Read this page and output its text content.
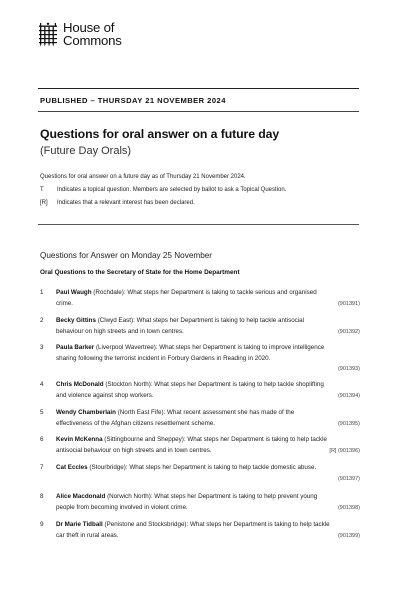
House of
Commons
PUBLISHED – THURSDAY 21 NOVEMBER 2024
Questions for oral answer on a future day
(Future Day Orals)
Questions for oral answer on a future day as of Thursday 21 November 2024.
T Indicates a topical question. Members are selected by ballot to ask a Topical Question.
[R] Indicates that a relevant interest has been declared.
Questions for Answer on Monday 25 November
Oral Questions to the Secretary of State for the Home Department
1 Paul Waugh (Rochdale): What steps her Department is taking to tackle serious and organised crime.	(901391)
2 Becky Gittins (Clwyd East): What steps her Department is taking to help tackle antisocial behaviour on high streets and in town centres.	(901392)
3 Paula Barker (Liverpool Wavertree): What steps her Department is taking to improve intelligence sharing following the terrorist incident in Forbury Gardens in Reading in 2020.
(901393)
4 Chris McDonald (Stockton North): What steps her Department is taking to help tackle shoplifting and violence against shop workers.	(901394)
5 Wendy Chamberlain (North East Fife): What recent assessment she has made of the effectiveness of the Afghan citizens resettlement scheme.	(901395)
6 Kevin McKenna (Sittingbourne and Sheppey): What steps her Department is taking to help tackle antisocial behaviour on high streets and in town centres.	[R] (901396)
7 Cat Eccles (Stourbridge): What steps her Department is taking to help tackle domestic abuse.
(901397)
8 Alice Macdonald (Norwich North): What steps her Department is taking to help prevent young people from becoming involved in violent crime.	(901398)
9 Dr Marie Tidball (Penistone and Stocksbridge): What steps her Department is taking to help tackle car theft in rural areas.	(901399)
